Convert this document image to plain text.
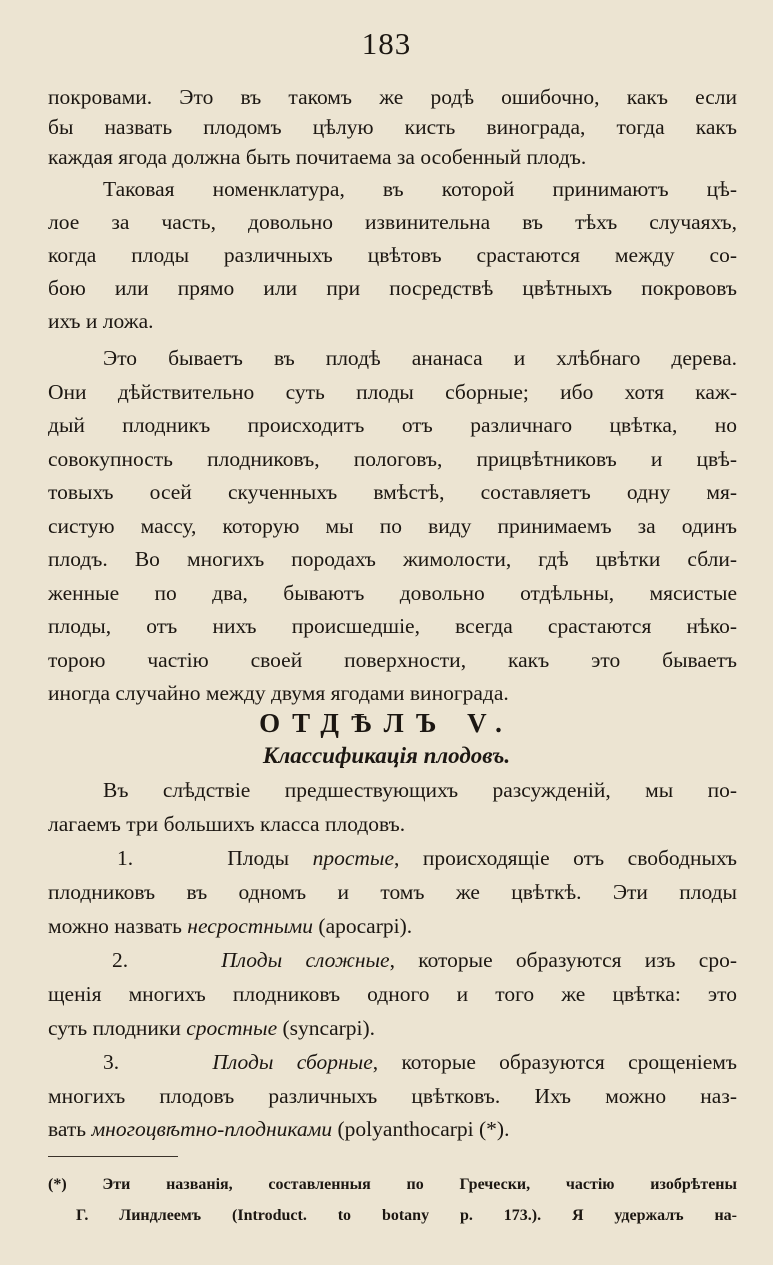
183
покровами. Это въ такомъ же родѣ ошибочно, какъ если
бы назвать плодомъ цѣлую кисть винограда, тогда какъ
каждая ягода должна быть почитаема за особенный плодъ.
Таковая номенклатура, въ которой принимаютъ цѣ-
лое за часть, довольно извинительна въ тѣхъ случаяхъ,
когда плоды различныхъ цвѣтовъ срастаются между со-
бою или прямо или при посредствѣ цвѣтныхъ покрововъ
ихъ и ложа.
Это бываетъ въ плодѣ ананаса и хлѣбнаго дерева.
Они дѣйствительно суть плоды сборные; ибо хотя каж-
дый плодникъ происходитъ отъ различнаго цвѣтка, но
совокупность плодниковъ, пологовъ, прицвѣтниковъ и цвѣ-
товыхъ осей скученныхъ вмѣстѣ, составляетъ одну мя-
систую массу, которую мы по виду принимаемъ за одинъ
плодъ. Во многихъ породахъ жимолости, гдѣ цвѣтки сбли-
женные по два, бываютъ довольно отдѣльны, мясистые
плоды, отъ нихъ происшедшіе, всегда срастаются нѣко-
торою частію своей поверхности, какъ это бываетъ
иногда случайно между двумя ягодами винограда.
ОТДѢЛЪ V.
Классификація плодовъ.
Въ слѣдствіе предшествующихъ разсужденій, мы по-
лагаемъ три большихъ класса плодовъ.
1.	Плоды простые, происходящіе отъ свободныхъ
плодниковъ въ одномъ и томъ же цвѣткѣ. Эти плоды
можно назвать несростными (apocarpi).
2.	Плоды сложные, которые образуются изъ сро-
щенія многихъ плодниковъ одного и того же цвѣтка: это
суть плодники сростные (syncarpi).
3.	Плоды сборные, которые образуются срощеніемъ
многихъ плодовъ различныхъ цвѣтковъ. Ихъ можно наз-
вать многоцвѣтно-плодниками (polyanthocarpi (*).
(*) Эти названія, составленныя по Гречески, частію изобрѣтены
Г. Линдлеемъ (Introduct. to botany p. 173.). Я удержалъ на-
